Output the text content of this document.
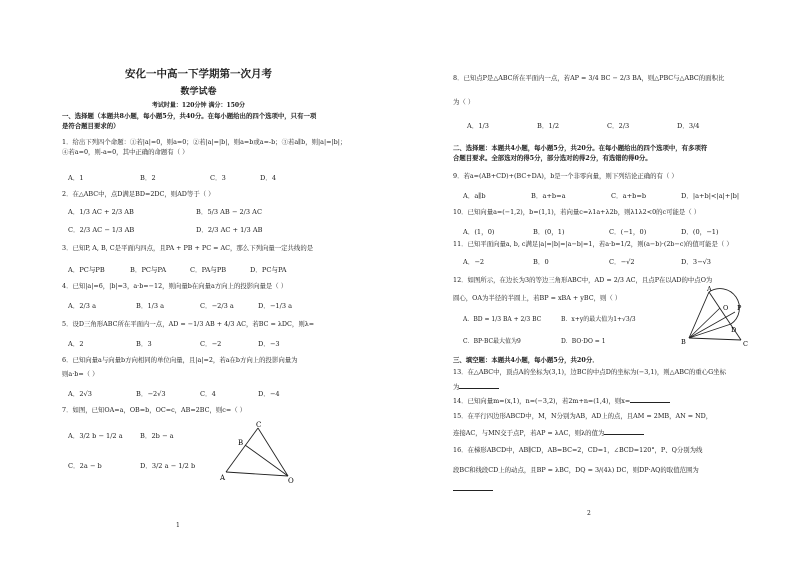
安化一中高一下学期第一次月考
数学试卷
考试时量：120分钟 满分：150分
一、选择题（本题共8小题，每小题5分，共40分。在每小题给出的四个选项中，只有一项
是符合题目要求的）
1．给出下列四个命题：①若|a|=0，则a=0；②若|a|=|b|，则a=b或a=-b；③若a∥b，则|a|=|b|；
④若a=0，则-a=0，其中正确的命题有（ ）
A．1	B．2	C．3	D．4
2．在△ABC中，点D满足BD=2DC，则AD等于（ ）
A．1/3 AC + 2/3 AB	B．5/3 AB − 2/3 AC
C．2/3 AC − 1/3 AB	D．2/3 AC + 1/3 AB
3．已知P, A, B, C是平面内四点，且PA + PB + PC = AC，那么下列向量一定共线的是
A．PC与PB	B．PC与PA	C．PA与PB	D．PC与PA
4．已知|a|=6，|b|=3，a·b=−12，则向量b在向量a方向上的投影向量是（ ）
A．2/3 a	B．1/3 a	C．−2/3 a	D．−1/3 a
5．设D三角形ABC所在平面内一点，AD = −1/3 AB + 4/3 AC，若BC = λDC，则λ=
A．2	B．3	C．−2	D．−3
6．已知向量a与向量b方向相同的单位向量，且|a|=2，若a在b方向上的投影向量为
则a·b=（ ）
A．2√3	B．−2√3	C．4	D．−4
7．如图，已知OA=a，OB=b，OC=c，AB=2BC，则c=（ ）
A．3/2 b − 1/2 a	B．2b − a
C．2a − b	D．3/2 a − 1/2 b
C
B
A	O
1
8．已知点P是△ABC所在平面内一点，若AP = 3/4 BC − 2/3 BA，则△PBC与△ABC的面积比
为（ ）
A．1/3	B．1/2	C．2/3	D．3/4
二、选择题：本题共4小题，每小题5分，共20分。在每小题给出的四个选项中，有多项符
合题目要求。全部选对的得5分，部分选对的得2分，有选错的得0分。
9．若a=(AB+CD)+(BC+DA)，b是一个非零向量，则下列结论正确的有（ ）
A．a∥b	B．a+b=a	C．a+b=b	D．|a+b|<|a|+|b|
10．已知向量a=(−1,2)，b=(1,1)，若向量c=λ1a+λ2b，则λ1λ2<0的c可能是（ ）
A．(1，0)	B．(0，1)	C．(−1，0)	D．(0，−1)
11．已知平面向量a, b, c满足|a|=|b|=|a−b|=1，若a·b=1/2，则(a−b)·(2b−c)的值可能是（ ）
A．−2	B．0	C．−√2	D．3−√3
12．如图所示，在边长为3的等边三角形ABC中，AD = 2/3 AC，且点P在以AD的中点O为
圆心，OA为半径的半圆上，若BP = xBA + yBC，则（ ）
A．BD = 1/3 BA + 2/3 BC	B．x+y的最大值为1+√3/3
C．BP·BC最大值为9	D．BO·DO = 1
A
B	C
D
O P
三、填空题：本题共4小题，每小题5分，共20分．
13．在△ABC中，顶点A的坐标为(3,1)，边BC的中点D的坐标为(−3,1)，则△ABC的重心G坐标
为
14．已知向量m=(x,1)，n=(−3,2)，若2m+n=(1,4)，则x=
15．在平行四边形ABCD中，M，N分别为AB，AD上的点，且AM = 2MB，AN = ND，
连接AC，与MN交于点P，若AP = λAC，则λ的值为
16．在梯形ABCD中，AB∥CD，AB=BC=2，CD=1，∠BCD=120°，P、Q分别为线
段BC和线段CD上的动点，且BP = λBC，DQ = 3/(4λ) DC，则DP·AQ的取值范围为
2
